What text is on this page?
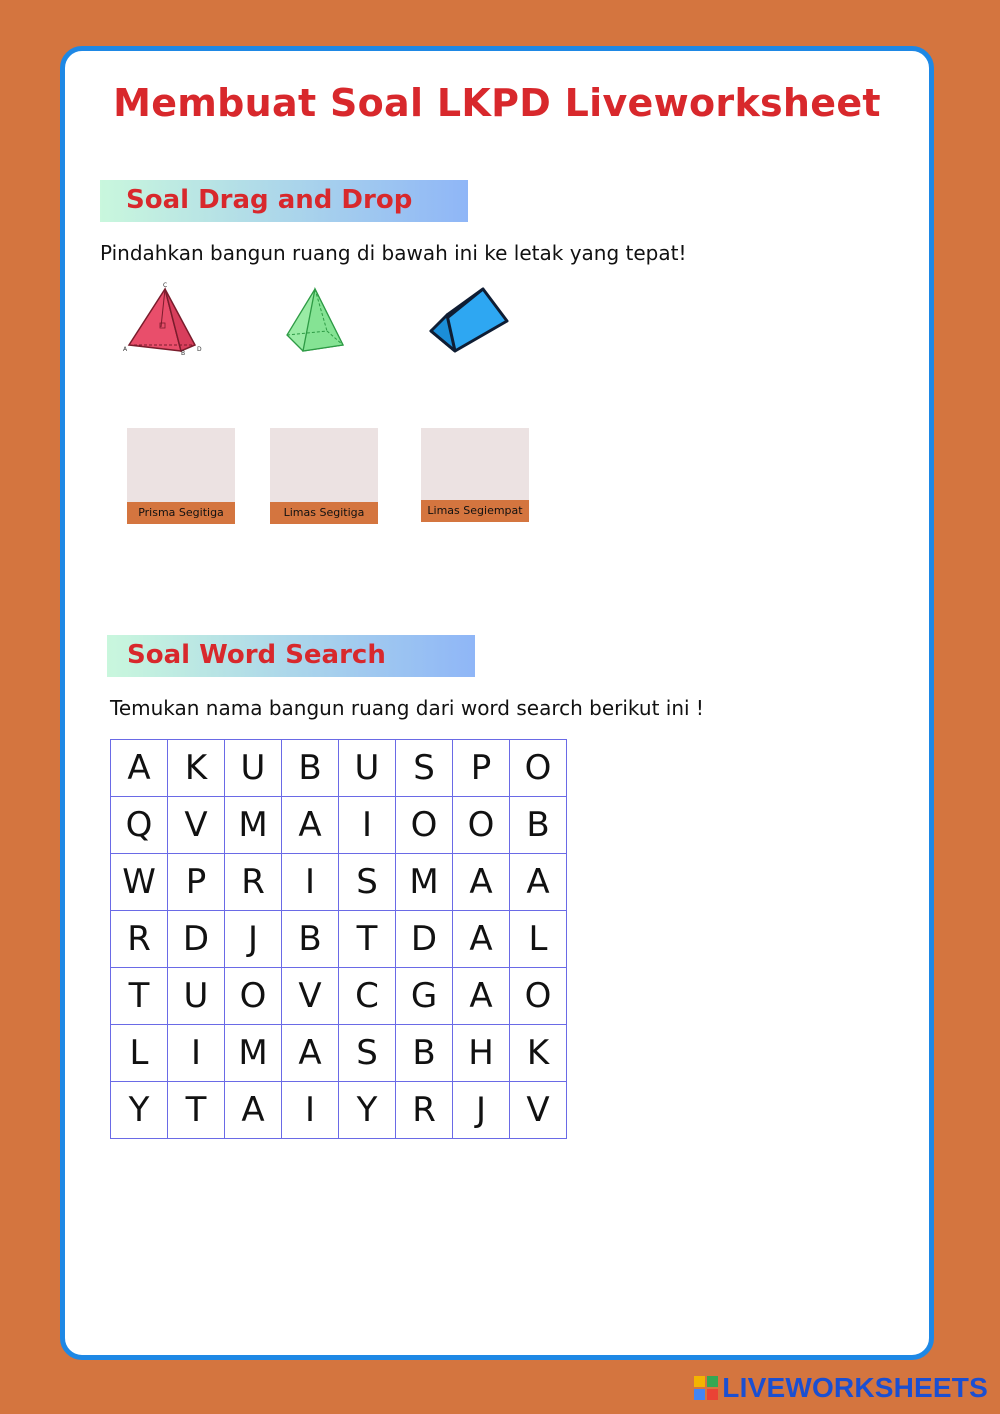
Membuat Soal LKPD Liveworksheet
Soal Drag and Drop
Pindahkan bangun ruang di bawah ini ke letak yang tepat!
C
D
A
B
Prisma Segitiga	Limas Segitiga	Limas Segiempat
Soal Word Search
Temukan nama bangun ruang dari word search berikut ini !
A	K	U	B	U	S	P	O
Q	V	M	A	I	O	O	B
W	P	R	I	S	M	A	A
R	D	J	B	T	D	A	L
T	U	O	V	C	G	A	O
L	I	M	A	S	B	H	K
Y	T	A	I	Y	R	J	V
LIVEWORKSHEETS
